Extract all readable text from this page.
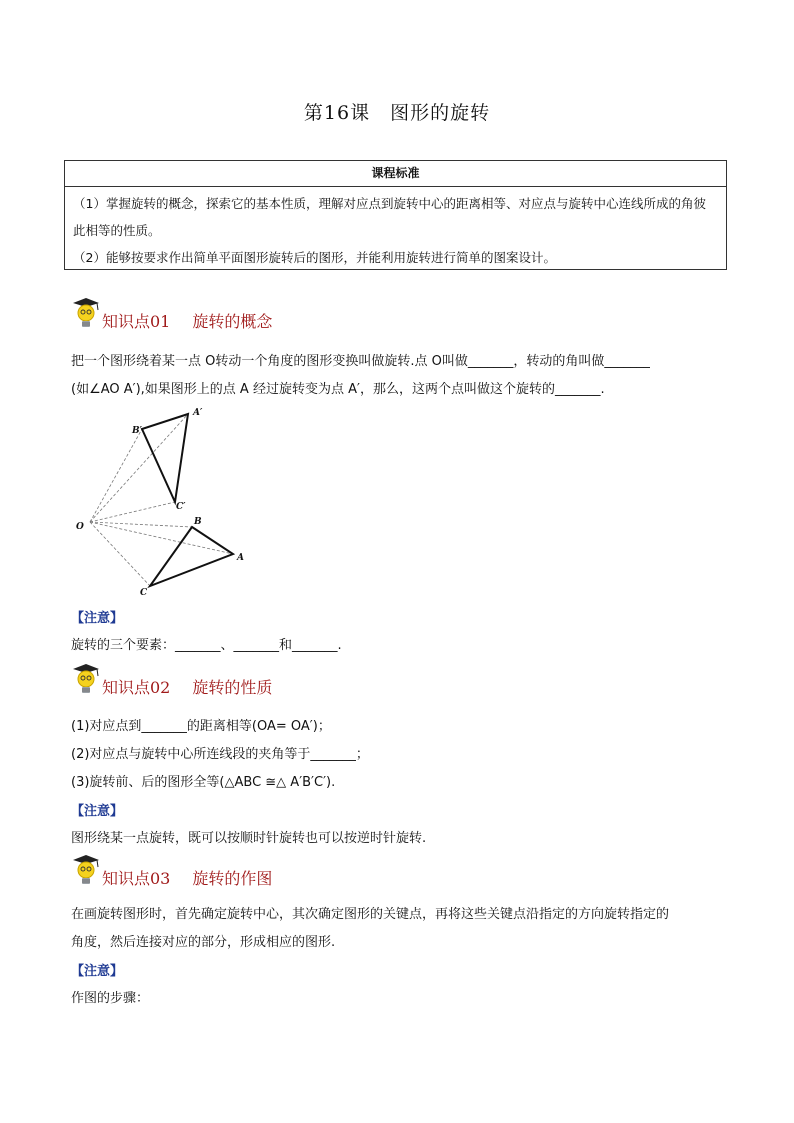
第16课　图形的旋转
课程标准

（1）掌握旋转的概念，探索它的基本性质，理解对应点到旋转中心的距离相等、对应点与旋转中心连线所成的角彼此相等的性质。

（2）能够按要求作出简单平面图形旋转后的图形，并能利用旋转进行简单的图案设计。

知识点01 旋转的概念

把一个图形绕着某一点 O转动一个角度的图形变换叫做旋转.点 O叫做_______，转动的角叫做_______

(如∠AO A′),如果图形上的点 A 经过旋转变为点 A′，那么，这两个点叫做这个旋转的_______.

A′
B′
C′
O	B
A
C
【注意】

旋转的三个要素：_______、_______和_______.

知识点02 旋转的性质

(1)对应点到_______的距离相等(OA= OA′)；

(2)对应点与旋转中心所连线段的夹角等于_______；

(3)旋转前、后的图形全等(△ABC ≅△ A′B′C′).

【注意】

图形绕某一点旋转，既可以按顺时针旋转也可以按逆时针旋转.

知识点03 旋转的作图

在画旋转图形时，首先确定旋转中心，其次确定图形的关键点，再将这些关键点沿指定的方向旋转指定的

角度，然后连接对应的部分，形成相应的图形.

【注意】

作图的步骤：
